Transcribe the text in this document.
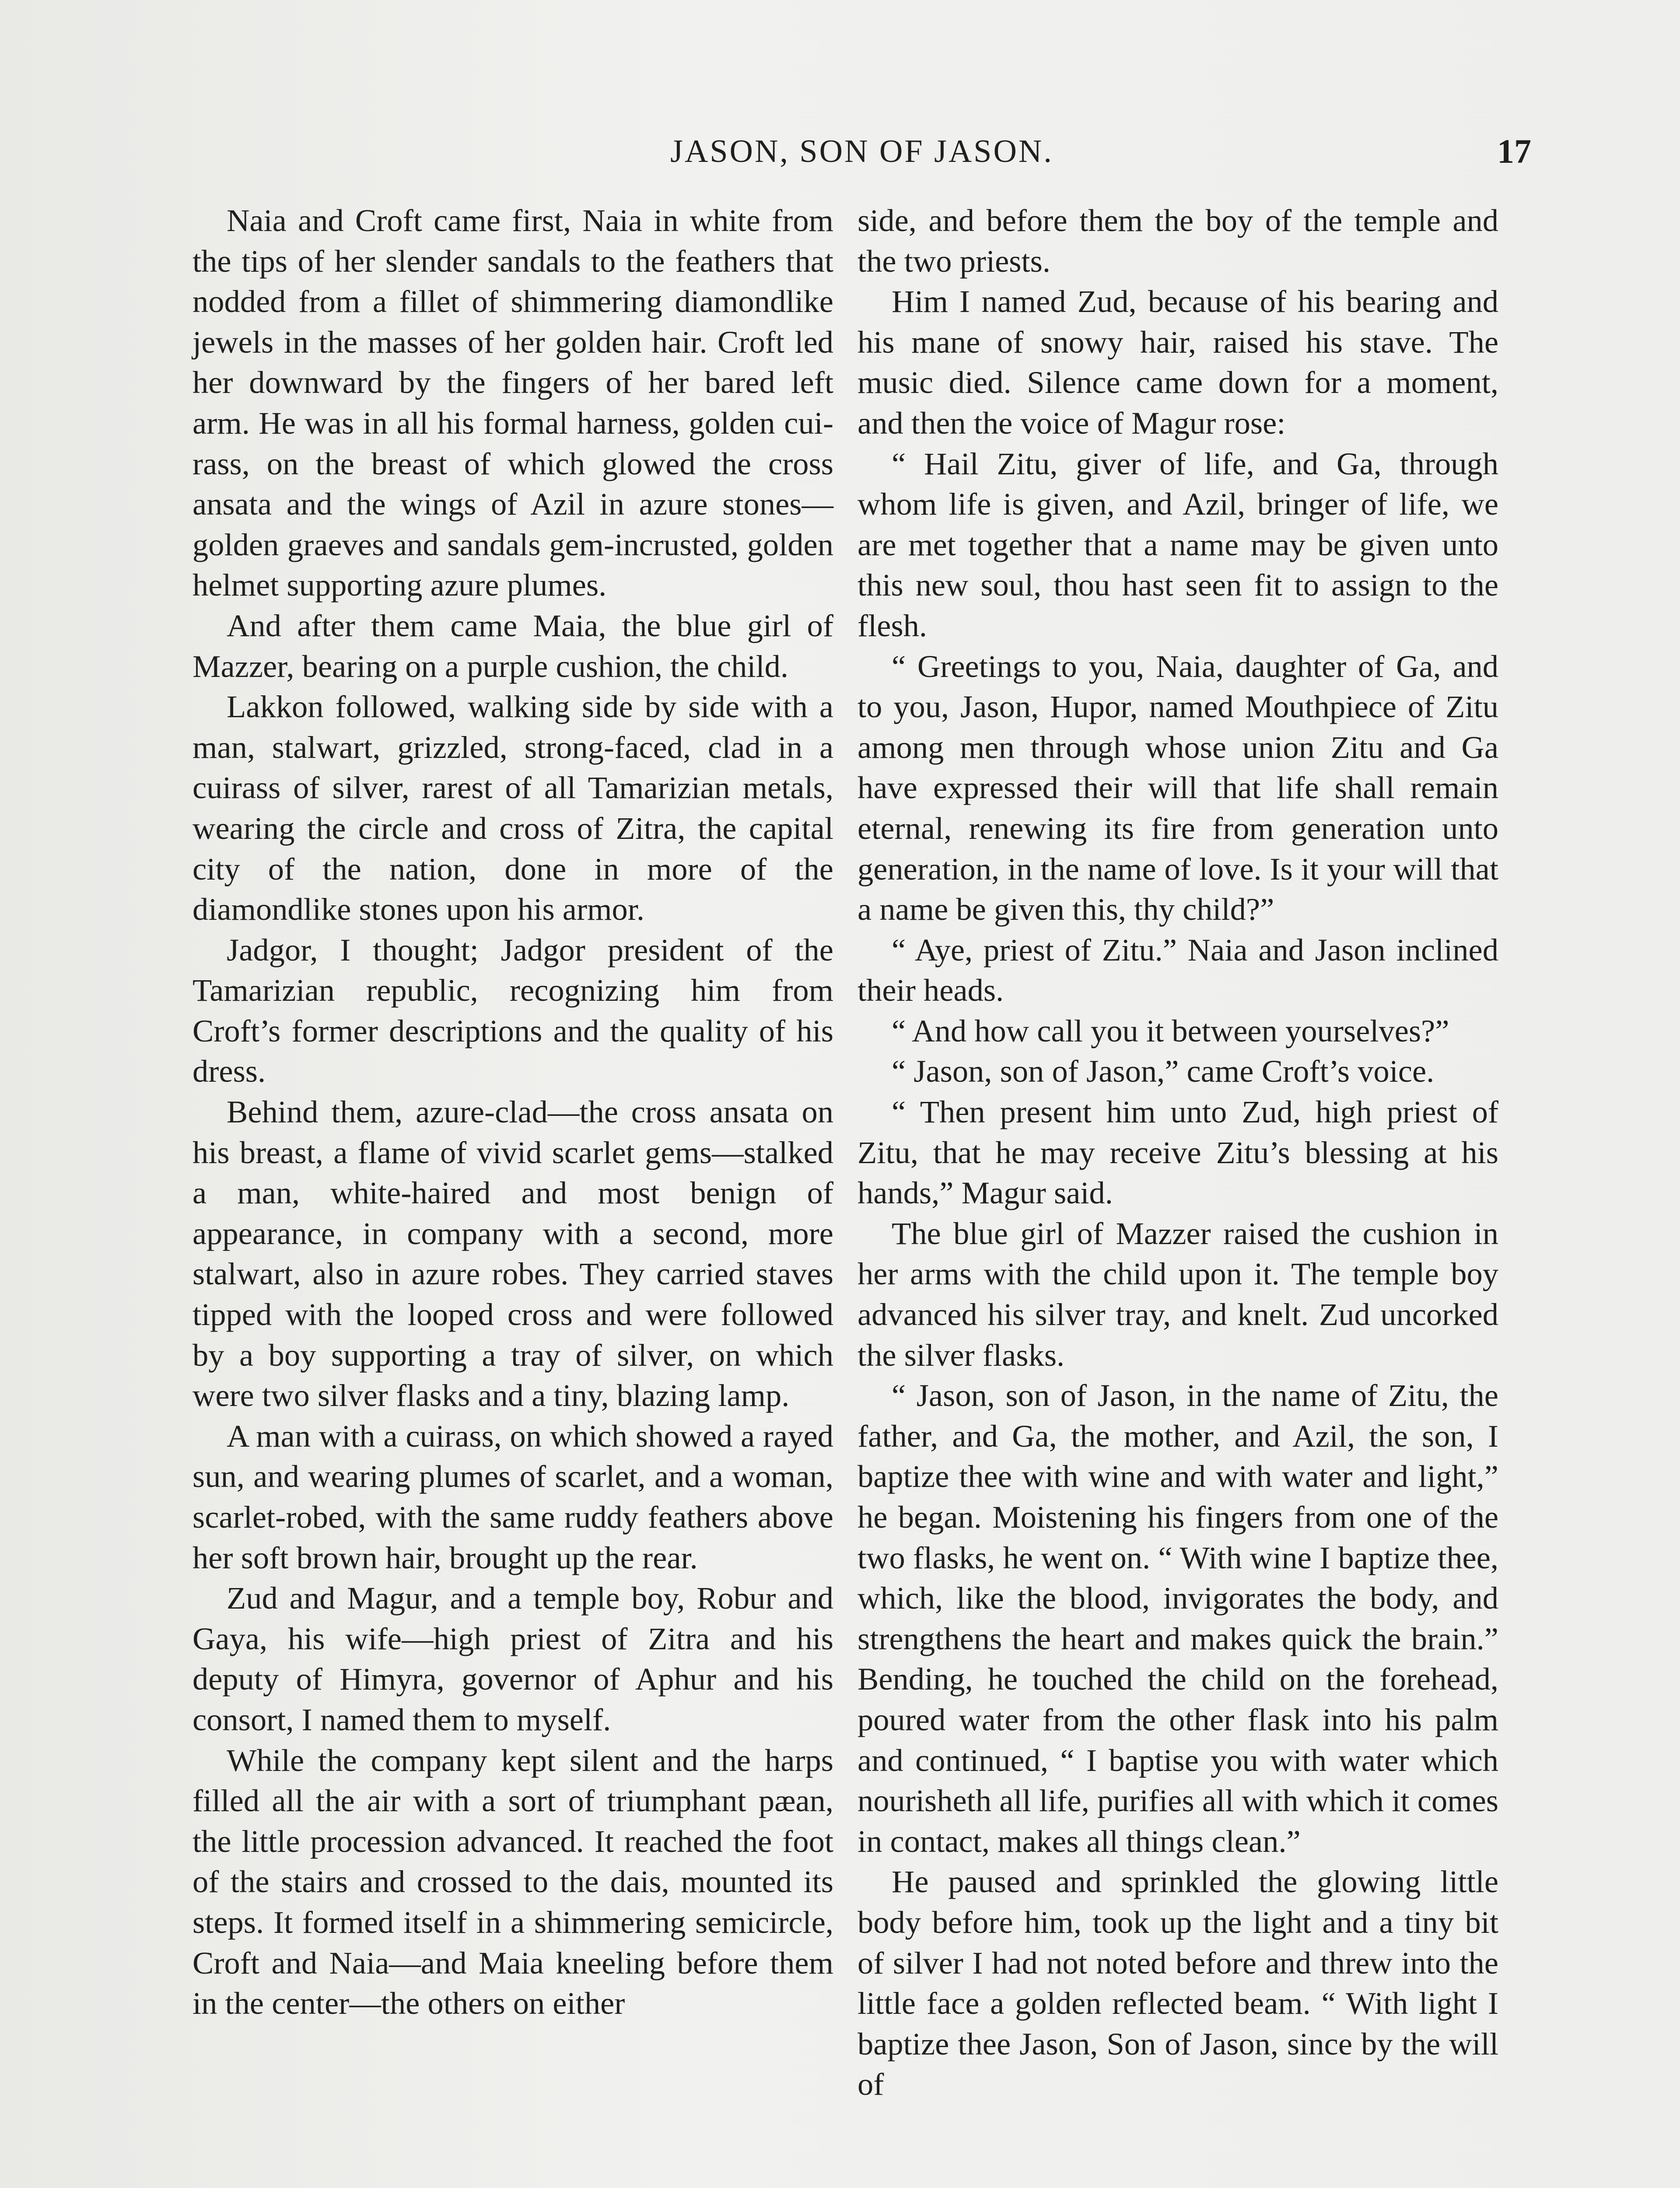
JASON, SON OF JASON.	17

Naia and Croft came first, Naia in white from the tips of her slender sandals to the feathers that nodded from a fillet of shimmering diamondlike jewels in the masses of her golden hair. Croft led her downward by the fingers of her bared left arm. He was in all his formal harness, golden cuirass, on the breast of which glowed the cross ansata and the wings of Azil in azure stones—golden graeves and sandals gem-incrusted, golden helmet supporting azure plumes.

And after them came Maia, the blue girl of Mazzer, bearing on a purple cushion, the child.

Lakkon followed, walking side by side with a man, stalwart, grizzled, strong-faced, clad in a cuirass of silver, rarest of all Tamarizian metals, wearing the circle and cross of Zitra, the capital city of the nation, done in more of the diamondlike stones upon his armor.

Jadgor, I thought; Jadgor president of the Tamarizian republic, recognizing him from Croft’s former descriptions and the quality of his dress.

Behind them, azure-clad—the cross ansata on his breast, a flame of vivid scarlet gems—stalked a man, white-haired and most benign of appearance, in company with a second, more stalwart, also in azure robes. They carried staves tipped with the looped cross and were followed by a boy supporting a tray of silver, on which were two silver flasks and a tiny, blazing lamp.

A man with a cuirass, on which showed a rayed sun, and wearing plumes of scarlet, and a woman, scarlet-robed, with the same ruddy feathers above her soft brown hair, brought up the rear.

Zud and Magur, and a temple boy, Robur and Gaya, his wife—high priest of Zitra and his deputy of Himyra, governor of Aphur and his consort, I named them to myself.

While the company kept silent and the harps filled all the air with a sort of triumphant pæan, the little procession advanced. It reached the foot of the stairs and crossed to the dais, mounted its steps. It formed itself in a shimmering semicircle, Croft and Naia—and Maia kneeling before them in the center—the others on either

side, and before them the boy of the temple and the two priests.

Him I named Zud, because of his bearing and his mane of snowy hair, raised his stave. The music died. Silence came down for a moment, and then the voice of Magur rose:

“ Hail Zitu, giver of life, and Ga, through whom life is given, and Azil, bringer of life, we are met together that a name may be given unto this new soul, thou hast seen fit to assign to the flesh.

“ Greetings to you, Naia, daughter of Ga, and to you, Jason, Hupor, named Mouthpiece of Zitu among men through whose union Zitu and Ga have expressed their will that life shall remain eternal, renewing its fire from generation unto generation, in the name of love. Is it your will that a name be given this, thy child?”

“ Aye, priest of Zitu.” Naia and Jason inclined their heads.

“ And how call you it between yourselves?”

“ Jason, son of Jason,” came Croft’s voice.

“ Then present him unto Zud, high priest of Zitu, that he may receive Zitu’s blessing at his hands,” Magur said.

The blue girl of Mazzer raised the cushion in her arms with the child upon it. The temple boy advanced his silver tray, and knelt. Zud uncorked the silver flasks.

“ Jason, son of Jason, in the name of Zitu, the father, and Ga, the mother, and Azil, the son, I baptize thee with wine and with water and light,” he began. Moistening his fingers from one of the two flasks, he went on. “ With wine I baptize thee, which, like the blood, invigorates the body, and strengthens the heart and makes quick the brain.” Bending, he touched the child on the forehead, poured water from the other flask into his palm and continued, “ I baptise you with water which nourisheth all life, purifies all with which it comes in contact, makes all things clean.”

He paused and sprinkled the glowing little body before him, took up the light and a tiny bit of silver I had not noted before and threw into the little face a golden reflected beam. “ With light I baptize thee Jason, Son of Jason, since by the will of
